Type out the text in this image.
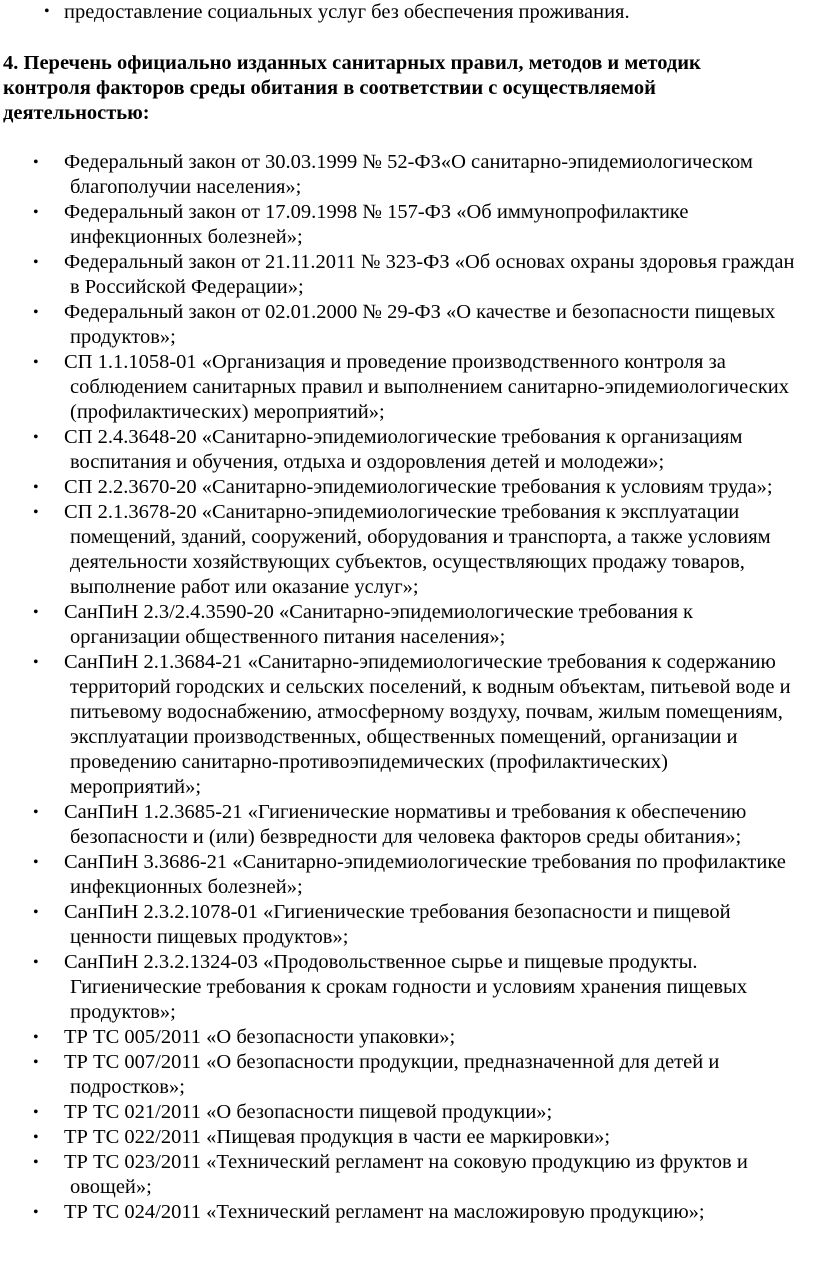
• предоставление социальных услуг без обеспечения проживания.
4. Перечень официально изданных санитарных правил, методов и методик контроля факторов среды обитания в соответствии с осуществляемой деятельностью:
• Федеральный закон от 30.03.1999 № 52-ФЗ«О санитарно-эпидемиологическом благополучии населения»;
• Федеральный закон от 17.09.1998 № 157-ФЗ «Об иммунопрофилактике инфекционных болезней»;
• Федеральный закон от 21.11.2011 № 323-ФЗ «Об основах охраны здоровья граждан в Российской Федерации»;
• Федеральный закон от 02.01.2000 № 29-ФЗ «О качестве и безопасности пищевых продуктов»;
• СП 1.1.1058-01 «Организация и проведение производственного контроля за соблюдением санитарных правил и выполнением санитарно-эпидемиологических (профилактических) мероприятий»;
• СП 2.4.3648-20 «Санитарно-эпидемиологические требования к организациям воспитания и обучения, отдыха и оздоровления детей и молодежи»;
• СП 2.2.3670-20 «Санитарно-эпидемиологические требования к условиям труда»;
• СП 2.1.3678-20 «Санитарно-эпидемиологические требования к эксплуатации помещений, зданий, сооружений, оборудования и транспорта, а также условиям деятельности хозяйствующих субъектов, осуществляющих продажу товаров, выполнение работ или оказание услуг»;
• СанПиН 2.3/2.4.3590-20 «Санитарно-эпидемиологические требования к организации общественного питания населения»;
• СанПиН 2.1.3684-21 «Санитарно-эпидемиологические требования к содержанию территорий городских и сельских поселений, к водным объектам, питьевой воде и питьевому водоснабжению, атмосферному воздуху, почвам, жилым помещениям, эксплуатации производственных, общественных помещений, организации и проведению санитарно-противоэпидемических (профилактических) мероприятий»;
• СанПиН 1.2.3685-21 «Гигиенические нормативы и требования к обеспечению безопасности и (или) безвредности для человека факторов среды обитания»;
• СанПиН 3.3686-21 «Санитарно-эпидемиологические требования по профилактике инфекционных болезней»;
• СанПиН 2.3.2.1078-01 «Гигиенические требования безопасности и пищевой ценности пищевых продуктов»;
• СанПиН 2.3.2.1324-03 «Продовольственное сырье и пищевые продукты. Гигиенические требования к срокам годности и условиям хранения пищевых продуктов»;
• ТР ТС 005/2011 «О безопасности упаковки»;
• ТР ТС 007/2011 «О безопасности продукции, предназначенной для детей и подростков»;
• ТР ТС 021/2011 «О безопасности пищевой продукции»;
• ТР ТС 022/2011 «Пищевая продукция в части ее маркировки»;
• ТР ТС 023/2011 «Технический регламент на соковую продукцию из фруктов и овощей»;
• ТР ТС 024/2011 «Технический регламент на масложировую продукцию»;
